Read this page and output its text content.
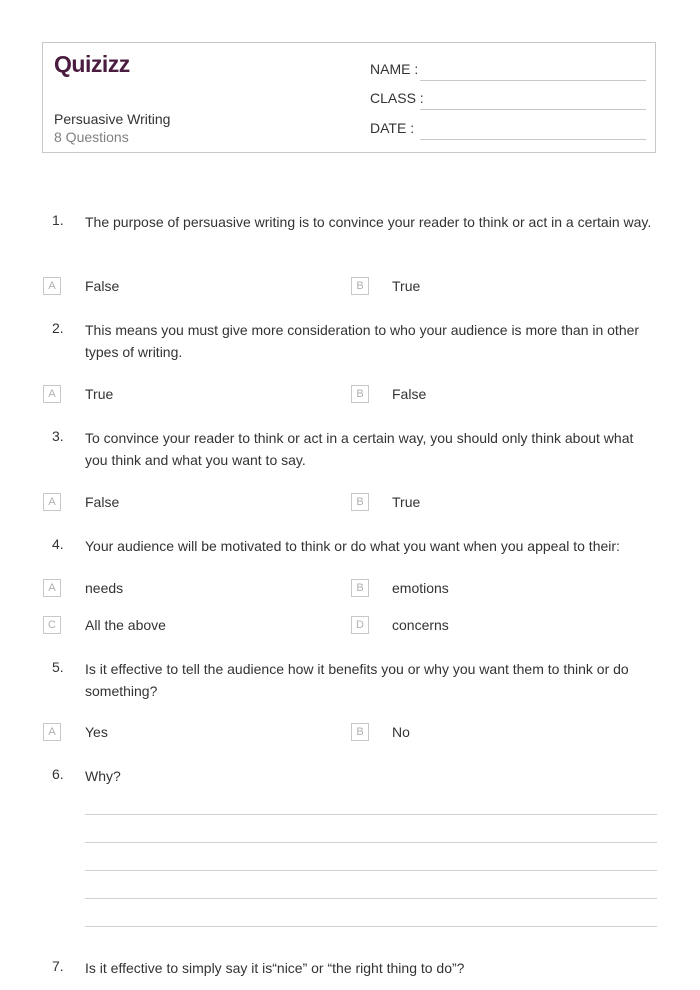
Quizizz
Persuasive Writing
8 Questions
NAME :
CLASS :
DATE :
1. The purpose of persuasive writing is to convince your reader to think or act in a certain way.
A	False	B	True
2. This means you must give more consideration to who your audience is more than in other types of writing.
A	True	B	False
3. To convince your reader to think or act in a certain way, you should only think about what you think and what you want to say.
A	False	B	True
4. Your audience will be motivated to think or do what you want when you appeal to their:
A	needs	B	emotions
C	All the above	D	concerns
5. Is it effective to tell the audience how it benefits you or why you want them to think or do something?
A	Yes	B	No
6. Why?
7. Is it effective to simply say it is“nice” or “the right thing to do”?
